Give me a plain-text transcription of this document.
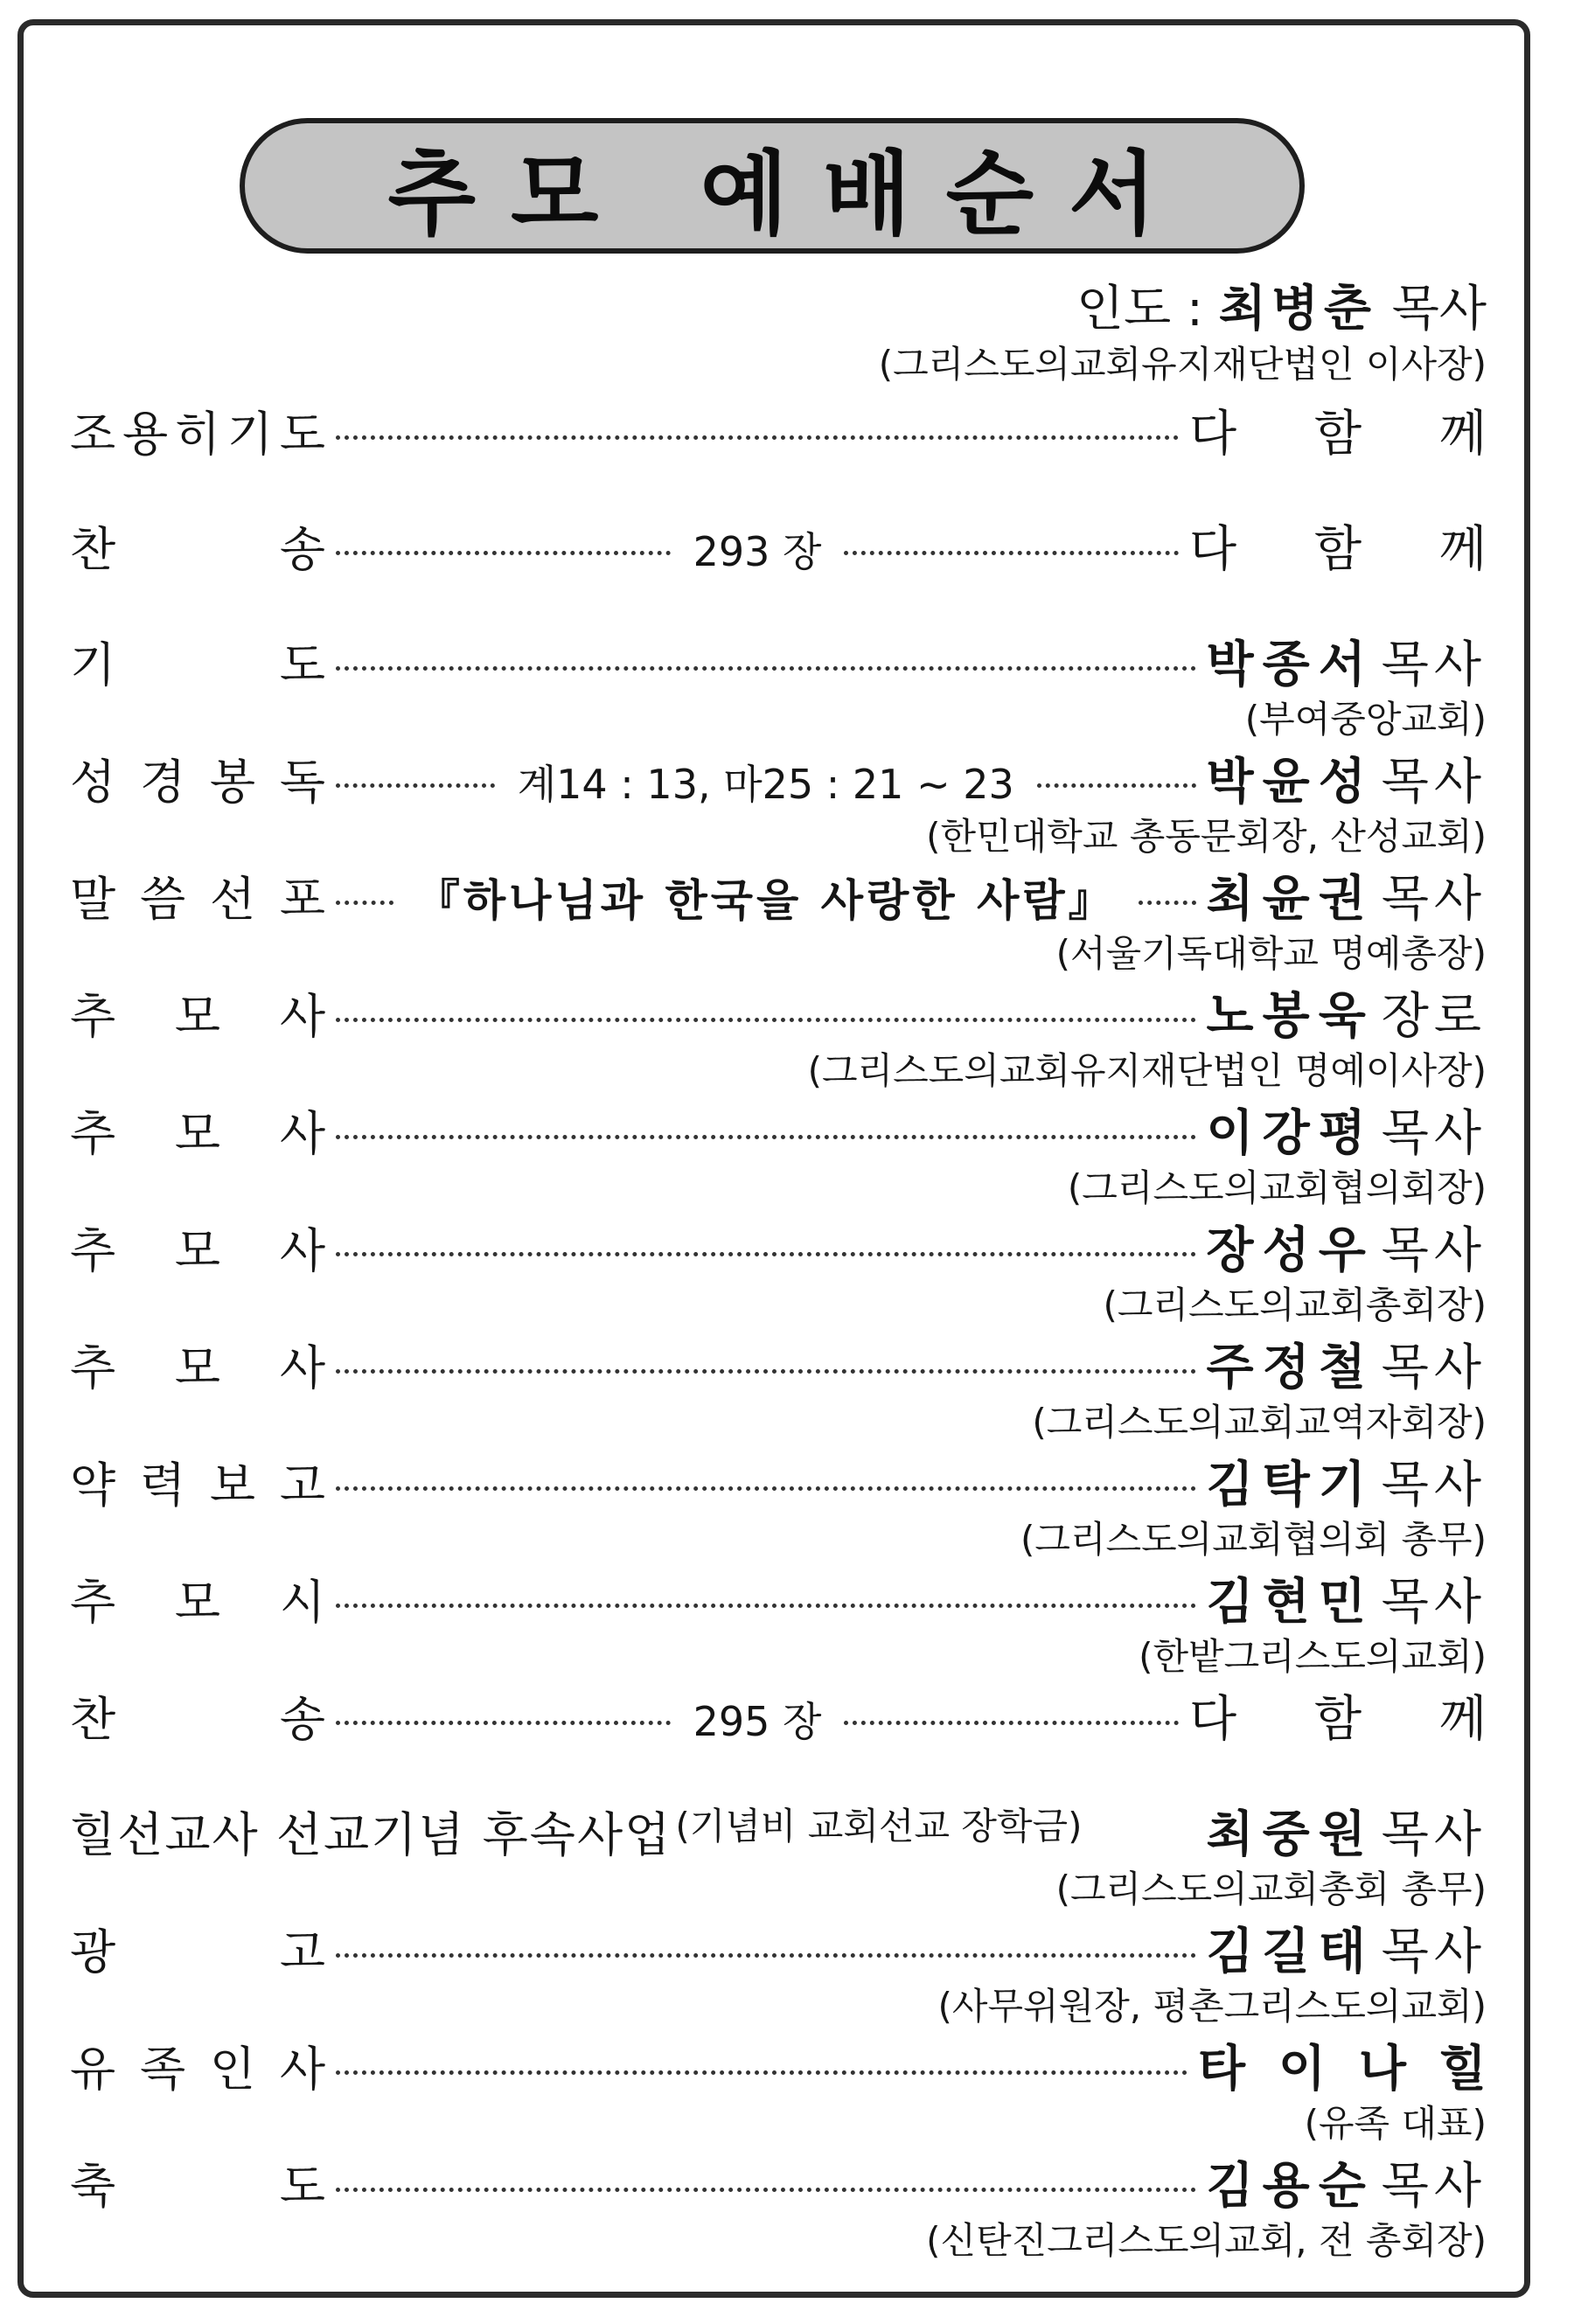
추모 예배순서
인도 : 최병춘 목사
(그리스도의교회유지재단법인 이사장)
조 용 히 기 도	다 함 께
찬	송	293 장	다 함 께
기	도	박종서 목사
(부여중앙교회)
성 경 봉 독	계14 : 13, 마25 : 21 ~ 23	박윤성 목사
(한민대학교 총동문회장, 산성교회)
말 씀 선 포 『하나님과 한국을 사랑한 사람』 최윤권 목사
(서울기독대학교 명예총장)
추 모 사	노봉욱 장로
(그리스도의교회유지재단법인 명예이사장)
추 모 사	이강평 목사
(그리스도의교회협의회장)
추 모 사	장성우 목사
(그리스도의교회총회장)
추 모 사	주정철 목사
(그리스도의교회교역자회장)
약 력 보 고	김탁기 목사
(그리스도의교회협의회 총무)
추 모 시	김현민 목사
(한밭그리스도의교회)
찬	송	295 장	다 함 께
힐선교사 선교기념 후속사업 (기념비 교회선교 장학금)	최중원 목사
(그리스도의교회총회 총무)
광	고	김길태 목사
(사무위원장, 평촌그리스도의교회)
유 족 인 사	타 이 나 힐
(유족 대표)
축	도	김용순 목사
(신탄진그리스도의교회, 전 총회장)
